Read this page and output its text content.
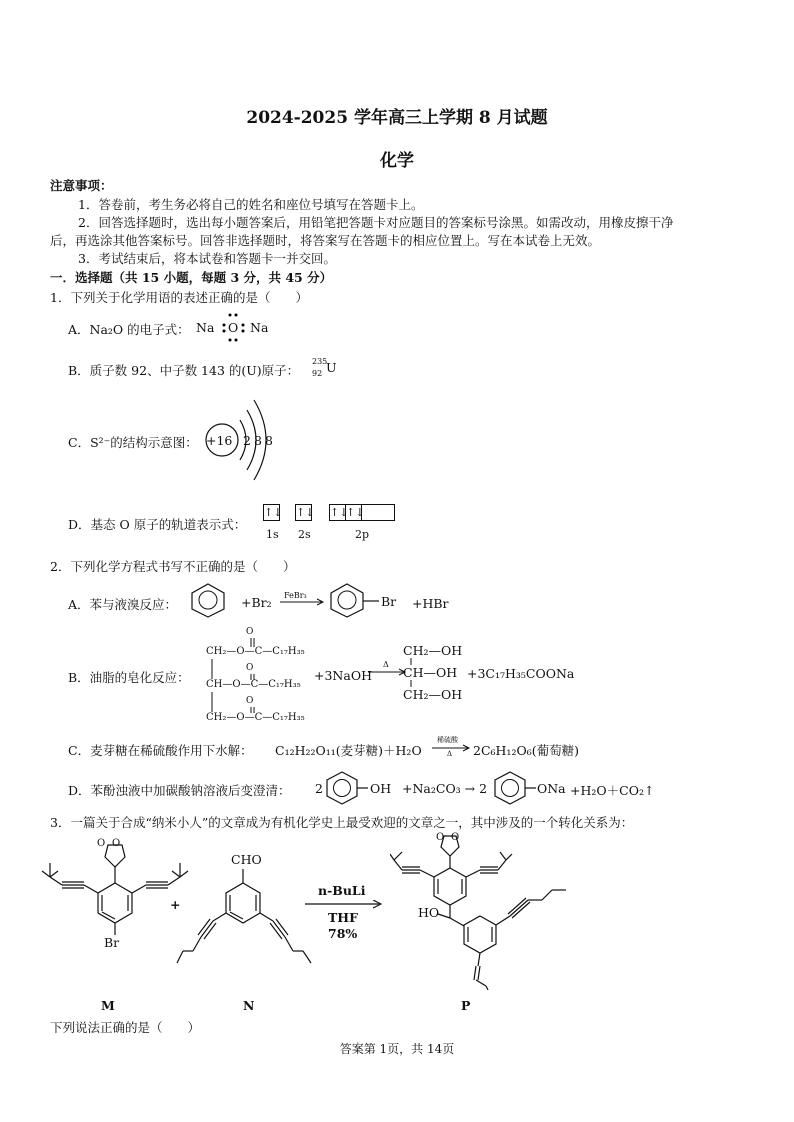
2024-2025 学年高三上学期 8 月试题
化学
注意事项：
1．答卷前，考生务必将自己的姓名和座位号填写在答题卡上。
2．回答选择题时，选出每小题答案后，用铅笔把答题卡对应题目的答案标号涂黑。如需改动，用橡皮擦干净
后，再选涂其他答案标号。回答非选择题时，将答案写在答题卡的相应位置上。写在本试卷上无效。
3．考试结束后，将本试卷和答题卡一并交回。
一．选择题（共 15 小题，每题 3 分，共 45 分）
1．下列关于化学用语的表述正确的是（　　）
A．Na₂O 的电子式： Na O Na
B．质子数 92、中子数 143 的(U)原子：
235
92 U
C．S²⁻的结构示意图： +16 2 8 8
D．基态 O 原子的轨道表示式：
↑↓ ↑↓ ↑↓
↑↓
1s 2s	2p
2．下列化学方程式书写不正确的是（　　）
A．苯与液溴反应：	+Br₂ FeBr₃	Br +HBr
B．油脂的皂化反应：
O
CH₂—O—C—C₁₇H₃₅
O
CH—O—C—C₁₇H₃₅
O
CH₂—O—C—C₁₇H₃₅
+3NaOH
Δ
CH₂—OH
CH—OH
CH₂—OH
+3C₁₇H₃₅COONa
C．麦芽糖在稀硫酸作用下水解： C₁₂H₂₂O₁₁(麦芽糖)＋H₂O
稀硫酸
Δ → 2C₆H₁₂O₆(葡萄糖)
D．苯酚浊液中加碳酸钠溶液后变澄清： 2	OH +Na₂CO₃ → 2	ONa +H₂O＋CO₂↑
3．一篇关于合成“纳米小人”的文章成为有机化学史上最受欢迎的文章之一，其中涉及的一个转化关系为：
O O
Br
+
CHO
n-BuLi
THF
78%
O O
HO
M	N	P
下列说法正确的是（　　）
答案第 1页，共 14页
